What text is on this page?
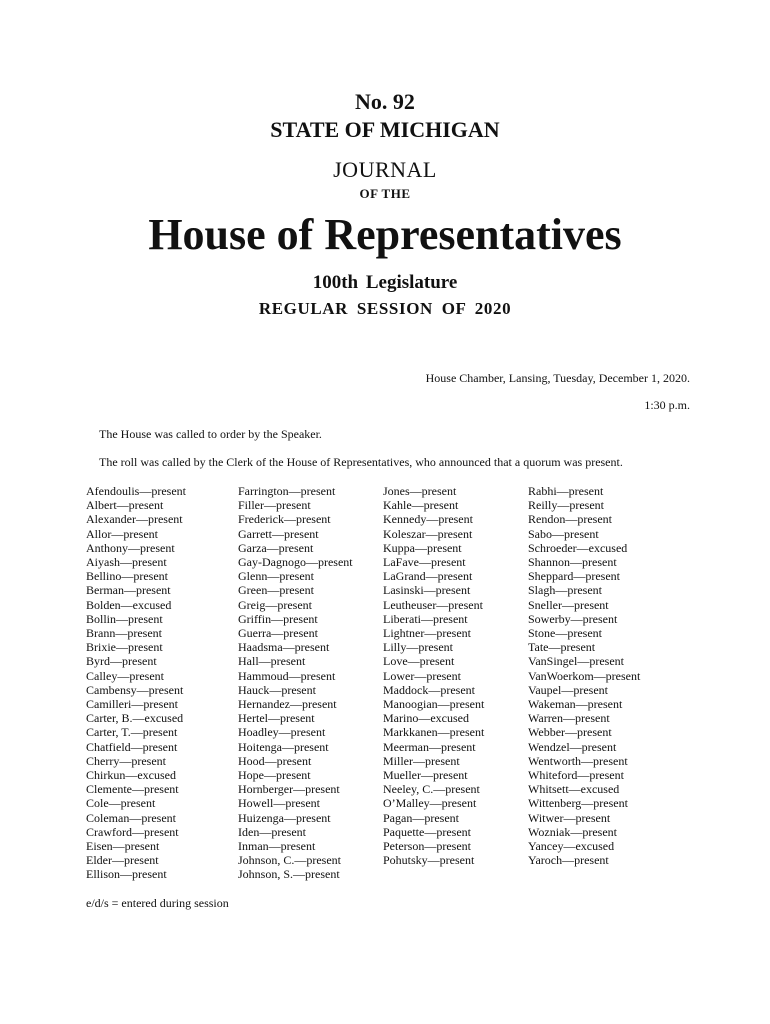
No. 92
STATE OF MICHIGAN
JOURNAL
OF THE
House of Representatives
100th Legislature
REGULAR SESSION OF 2020
House Chamber, Lansing, Tuesday, December 1, 2020.
1:30 p.m.
The House was called to order by the Speaker.
The roll was called by the Clerk of the House of Representatives, who announced that a quorum was present.
Afendoulis—present
Albert—present
Alexander—present
Allor—present
Anthony—present
Aiyash—present
Bellino—present
Berman—present
Bolden—excused
Bollin—present
Brann—present
Brixie—present
Byrd—present
Calley—present
Cambensy—present
Camilleri—present
Carter, B.—excused
Carter, T.—present
Chatfield—present
Cherry—present
Chirkun—excused
Clemente—present
Cole—present
Coleman—present
Crawford—present
Eisen—present
Elder—present
Ellison—present
Farrington—present
Filler—present
Frederick—present
Garrett—present
Garza—present
Gay-Dagnogo—present
Glenn—present
Green—present
Greig—present
Griffin—present
Guerra—present
Haadsma—present
Hall—present
Hammoud—present
Hauck—present
Hernandez—present
Hertel—present
Hoadley—present
Hoitenga—present
Hood—present
Hope—present
Hornberger—present
Howell—present
Huizenga—present
Iden—present
Inman—present
Johnson, C.—present
Johnson, S.—present
Jones—present
Kahle—present
Kennedy—present
Koleszar—present
Kuppa—present
LaFave—present
LaGrand—present
Lasinski—present
Leutheuser—present
Liberati—present
Lightner—present
Lilly—present
Love—present
Lower—present
Maddock—present
Manoogian—present
Marino—excused
Markkanen—present
Meerman—present
Miller—present
Mueller—present
Neeley, C.—present
O’Malley—present
Pagan—present
Paquette—present
Peterson—present
Pohutsky—present
Rabhi—present
Reilly—present
Rendon—present
Sabo—present
Schroeder—excused
Shannon—present
Sheppard—present
Slagh—present
Sneller—present
Sowerby—present
Stone—present
Tate—present
VanSingel—present
VanWoerkom—present
Vaupel—present
Wakeman—present
Warren—present
Webber—present
Wendzel—present
Wentworth—present
Whiteford—present
Whitsett—excused
Wittenberg—present
Witwer—present
Wozniak—present
Yancey—excused
Yaroch—present
e/d/s = entered during session
